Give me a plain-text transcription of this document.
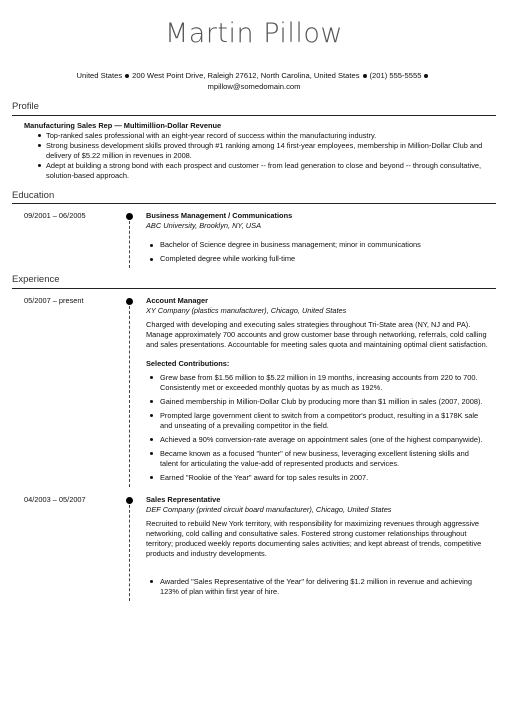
Martin Pillow
United States 200 West Point Drive, Raleigh 27612, North Carolina, United States (201) 555-5555
mpillow@somedomain.com
Profile
Manufacturing Sales Rep — Multimillion-Dollar Revenue
Top-ranked sales professional with an eight-year record of success within the manufacturing industry.
Strong business development skills proved through #1 ranking among 14 first-year employees, membership in Million-Dollar Club and delivery of $5.22 million in revenues in 2008.
Adept at building a strong bond with each prospect and customer -- from lead generation to close and beyond -- through consultative, solution-based approach.
Education
09/2001 – 06/2005	Business Management / Communications
ABC University, Brooklyn, NY, USA
Bachelor of Science degree in business management; minor in communications
Completed degree while working full-time
Experience
05/2007 – present	Account Manager
XY Company (plastics manufacturer), Chicago, United States
Charged with developing and executing sales strategies throughout Tri-State area (NY, NJ and PA). Manage approximately 700 accounts and grow customer base through networking, referrals, cold calling and sales presentations. Accountable for meeting sales quota and maintaining optimal client satisfaction.
Selected Contributions:
Grew base from $1.56 million to $5.22 million in 19 months, increasing accounts from 220 to 700. Consistently met or exceeded monthly quotas by as much as 192%.
Gained membership in Million-Dollar Club by producing more than $1 million in sales (2007, 2008).
Prompted large government client to switch from a competitor's product, resulting in a $178K sale and unseating of a prevailing competitor in the field.
Achieved a 90% conversion-rate average on appointment sales (one of the highest companywide).
Became known as a focused "hunter" of new business, leveraging excellent listening skills and talent for articulating the value-add of represented products and services.
Earned "Rookie of the Year" award for top sales results in 2007.
04/2003 – 05/2007	Sales Representative
DEF Company (printed circuit board manufacturer), Chicago, United States
Recruited to rebuild New York territory, with responsibility for maximizing revenues through aggressive networking, cold calling and consultative sales. Fostered strong customer relationships throughout territory; produced weekly reports documenting sales activities; and kept abreast of trends, competitive products and industry developments.
Awarded "Sales Representative of the Year" for delivering $1.2 million in revenue and achieving 123% of plan within first year of hire.
